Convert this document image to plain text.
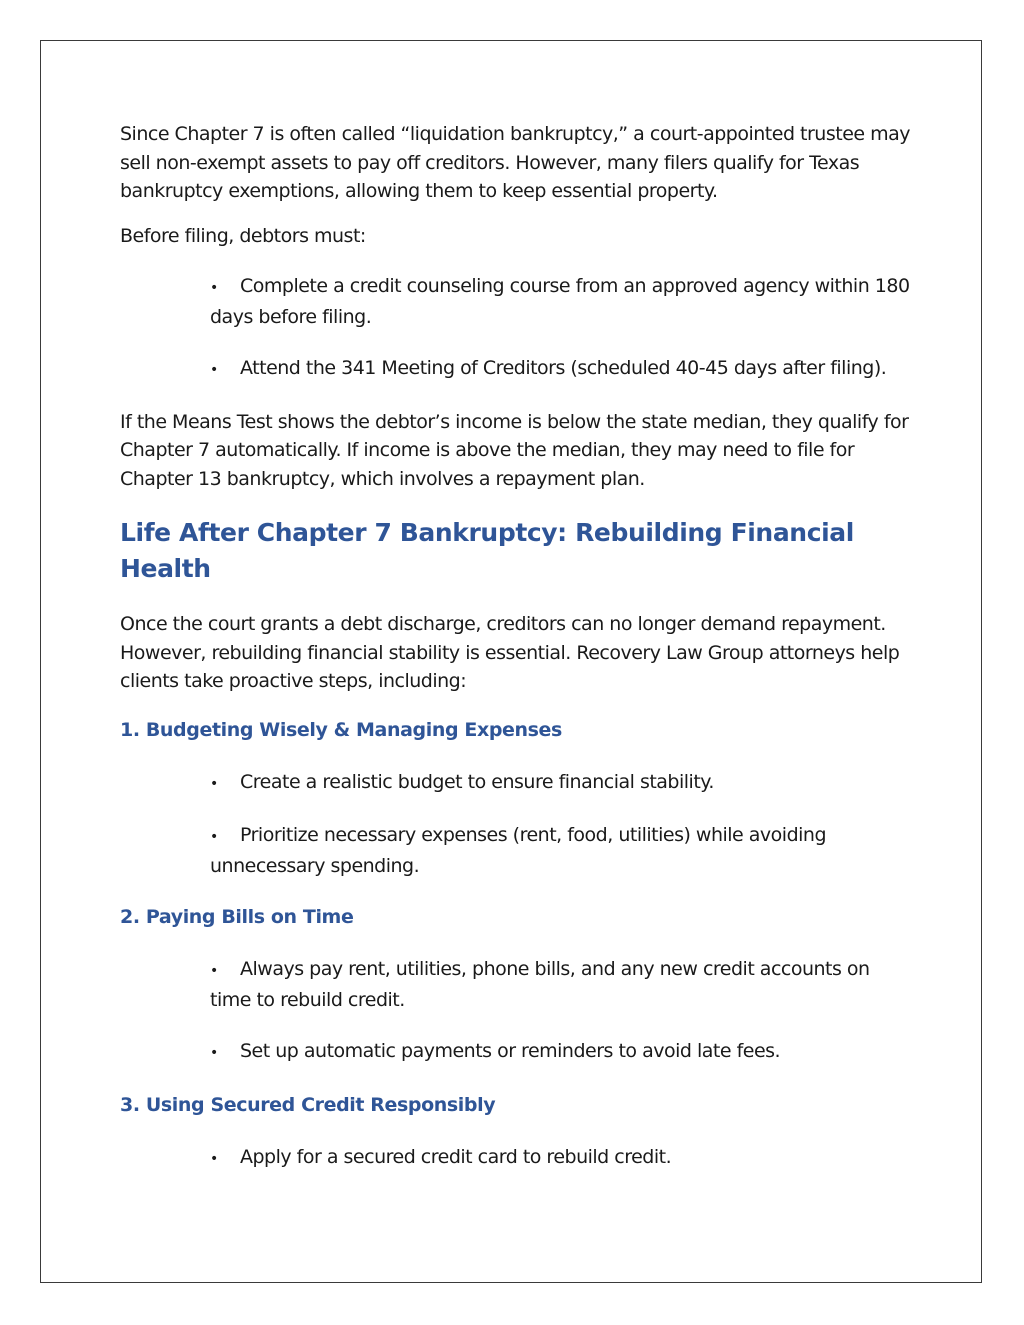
Since Chapter 7 is often called “liquidation bankruptcy,” a court-appointed trustee may sell non-exempt assets to pay off creditors. However, many filers qualify for Texas bankruptcy exemptions, allowing them to keep essential property.

Before filing, debtors must:

• Complete a credit counseling course from an approved agency within 180 days before filing.
• Attend the 341 Meeting of Creditors (scheduled 40-45 days after filing).

If the Means Test shows the debtor’s income is below the state median, they qualify for Chapter 7 automatically. If income is above the median, they may need to file for Chapter 13 bankruptcy, which involves a repayment plan.

Life After Chapter 7 Bankruptcy: Rebuilding Financial Health

Once the court grants a debt discharge, creditors can no longer demand repayment. However, rebuilding financial stability is essential. Recovery Law Group attorneys help clients take proactive steps, including:

1. Budgeting Wisely & Managing Expenses
• Create a realistic budget to ensure financial stability.
• Prioritize necessary expenses (rent, food, utilities) while avoiding unnecessary spending.
2. Paying Bills on Time
• Always pay rent, utilities, phone bills, and any new credit accounts on time to rebuild credit.
• Set up automatic payments or reminders to avoid late fees.
3. Using Secured Credit Responsibly
• Apply for a secured credit card to rebuild credit.
